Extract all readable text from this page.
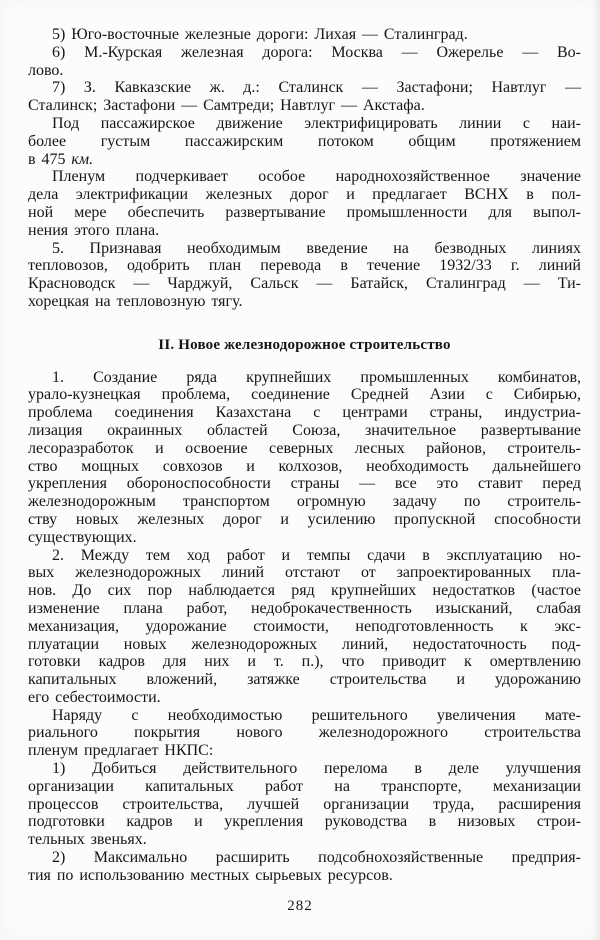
5) Юго-восточные железные дороги: Лихая — Сталинград.
6) М.-Курская железная дорога: Москва — Ожерелье — Во-
лово.
7) З. Кавказские ж. д.: Сталинск — Застафони; Навтлуг —
Сталинск; Застафони — Самтреди; Навтлуг — Акстафа.
Под пассажирское движение электрифицировать линии с наи-
более густым пассажирским потоком общим протяжением
в 475 км.
Пленум подчеркивает особое народнохозяйственное значение
дела электрификации железных дорог и предлагает ВСНХ в пол-
ной мере обеспечить развертывание промышленности для выпол-
нения этого плана.
5. Признавая необходимым введение на безводных линиях
тепловозов, одобрить план перевода в течение 1932/33 г. линий
Красноводск — Чарджуй, Сальск — Батайск, Сталинград — Ти-
хорецкая на тепловозную тягу.
II. Новое железнодорожное строительство
1. Создание ряда крупнейших промышленных комбинатов,
урало-кузнецкая проблема, соединение Средней Азии с Сибирью,
проблема соединения Казахстана с центрами страны, индустриа-
лизация окраинных областей Союза, значительное развертывание
лесоразработок и освоение северных лесных районов, строитель-
ство мощных совхозов и колхозов, необходимость дальнейшего
укрепления обороноспособности страны — все это ставит перед
железнодорожным транспортом огромную задачу по строитель-
ству новых железных дорог и усилению пропускной способности
существующих.
2. Между тем ход работ и темпы сдачи в эксплуатацию но-
вых железнодорожных линий отстают от запроектированных пла-
нов. До сих пор наблюдается ряд крупнейших недостатков (частое
изменение плана работ, недоброкачественность изысканий, слабая
механизация, удорожание стоимости, неподготовленность к экс-
плуатации новых железнодорожных линий, недостаточность под-
готовки кадров для них и т. п.), что приводит к омертвлению
капитальных вложений, затяжке строительства и удорожанию
его себестоимости.
Наряду с необходимостью решительного увеличения мате-
риального покрытия нового железнодорожного строительства
пленум предлагает НКПС:
1) Добиться действительного перелома в деле улучшения
организации капитальных работ на транспорте, механизации
процессов строительства, лучшей организации труда, расширения
подготовки кадров и укрепления руководства в низовых строи-
тельных звеньях.
2) Максимально расширить подсобнохозяйственные предприя-
тия по использованию местных сырьевых ресурсов.
282
